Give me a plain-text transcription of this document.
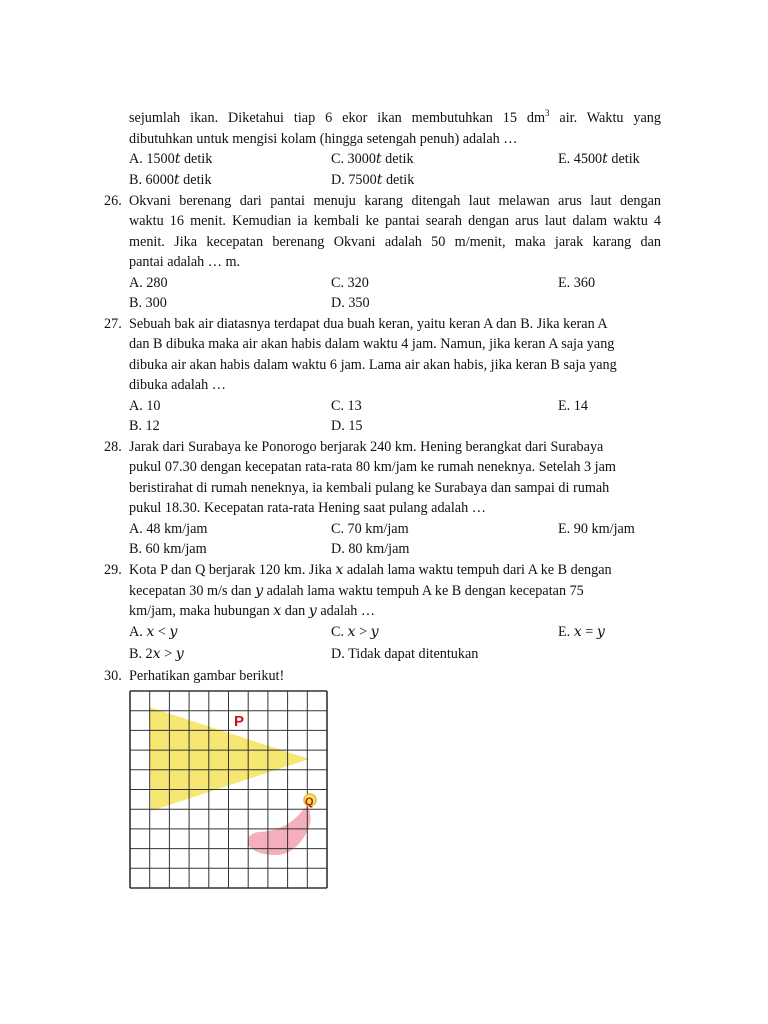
sejumlah ikan. Diketahui tiap 6 ekor ikan membutuhkan 15 $dm^3$ air. Waktu yang
dibutuhkan untuk mengisi kolam (hingga setengah penuh) adalah …
A. 1500𝑡 detik	C. 3000𝑡 detik	E. 4500𝑡 detik
B. 6000𝑡 detik	D. 7500𝑡 detik
26. Okvani berenang dari pantai menuju karang ditengah laut melawan arus laut dengan
waktu 16 menit. Kemudian ia kembali ke pantai searah dengan arus laut dalam waktu 4
menit. Jika kecepatan berenang Okvani adalah 50 m/menit, maka jarak karang dan
pantai adalah … m.
A. 280	C. 320	E. 360
B. 300	D. 350
27. Sebuah bak air diatasnya terdapat dua buah keran, yaitu keran A dan B. Jika keran A
dan B dibuka maka air akan habis dalam waktu 4 jam. Namun, jika keran A saja yang
dibuka air akan habis dalam waktu 6 jam. Lama air akan habis, jika keran B saja yang
dibuka adalah …
A. 10	C. 13	E. 14
B. 12	D. 15
28. Jarak dari Surabaya ke Ponorogo berjarak 240 km. Hening berangkat dari Surabaya
pukul 07.30 dengan kecepatan rata-rata 80 km/jam ke rumah neneknya. Setelah 3 jam
beristirahat di rumah neneknya, ia kembali pulang ke Surabaya dan sampai di rumah
pukul 18.30. Kecepatan rata-rata Hening saat pulang adalah …
A. 48 km/jam	C. 70 km/jam	E. 90 km/jam
B. 60 km/jam	D. 80 km/jam
29. Kota P dan Q berjarak 120 km. Jika 𝑥 adalah lama waktu tempuh dari A ke B dengan
kecepatan 30 m/s dan 𝑦 adalah lama waktu tempuh A ke B dengan kecepatan 75
km/jam, maka hubungan 𝑥 dan 𝑦 adalah …
A. 𝑥 < 𝑦	C. 𝑥 > 𝑦	E. 𝑥 = 𝑦
B. 2𝑥 > 𝑦	D. Tidak dapat ditentukan
30. Perhatikan gambar berikut!
P
Q
